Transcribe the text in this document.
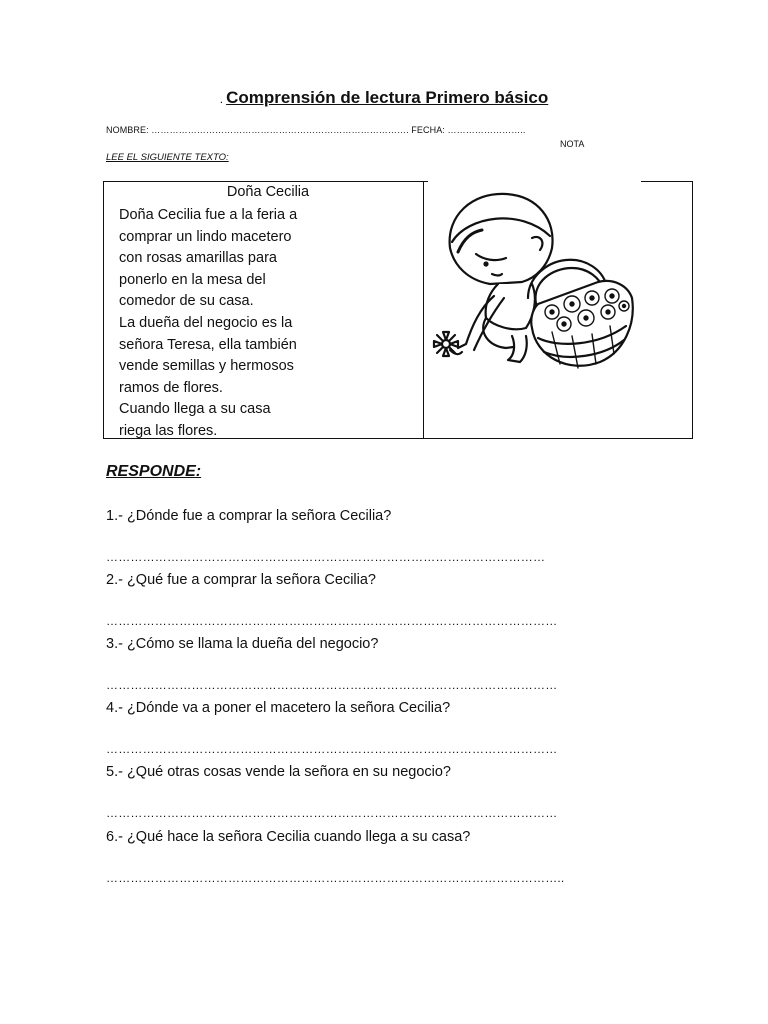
. Comprensión de lectura Primero básico
NOMBRE: …………………………………………………………………………. FECHA: ……………………..
NOTA
LEE EL SIGUIENTE TEXTO:
Doña Cecilia
Doña Cecilia fue a la feria a
comprar un lindo macetero
con rosas amarillas para
ponerlo en la mesa del
comedor de su casa.
La dueña del negocio es la
señora Teresa, ella también
vende semillas y hermosos
ramos de flores.
Cuando llega a su casa
riega las flores.
RESPONDE:
1.- ¿Dónde fue a comprar la señora Cecilia?
………………………………………………………………………………………………
2.- ¿Qué fue a comprar la señora Cecilia?
…………………………………………………………………………………………………
3.- ¿Cómo se llama la dueña del negocio?
…………………………………………………………………………………………………
4.- ¿Dónde va a poner el macetero la señora Cecilia?
…………………………………………………………………………………………………
5.- ¿Qué otras cosas vende la señora en su negocio?
…………………………………………………………………………………………………
6.- ¿Qué hace la señora Cecilia cuando llega a su casa?
…………………………………………………………………………………………………..
